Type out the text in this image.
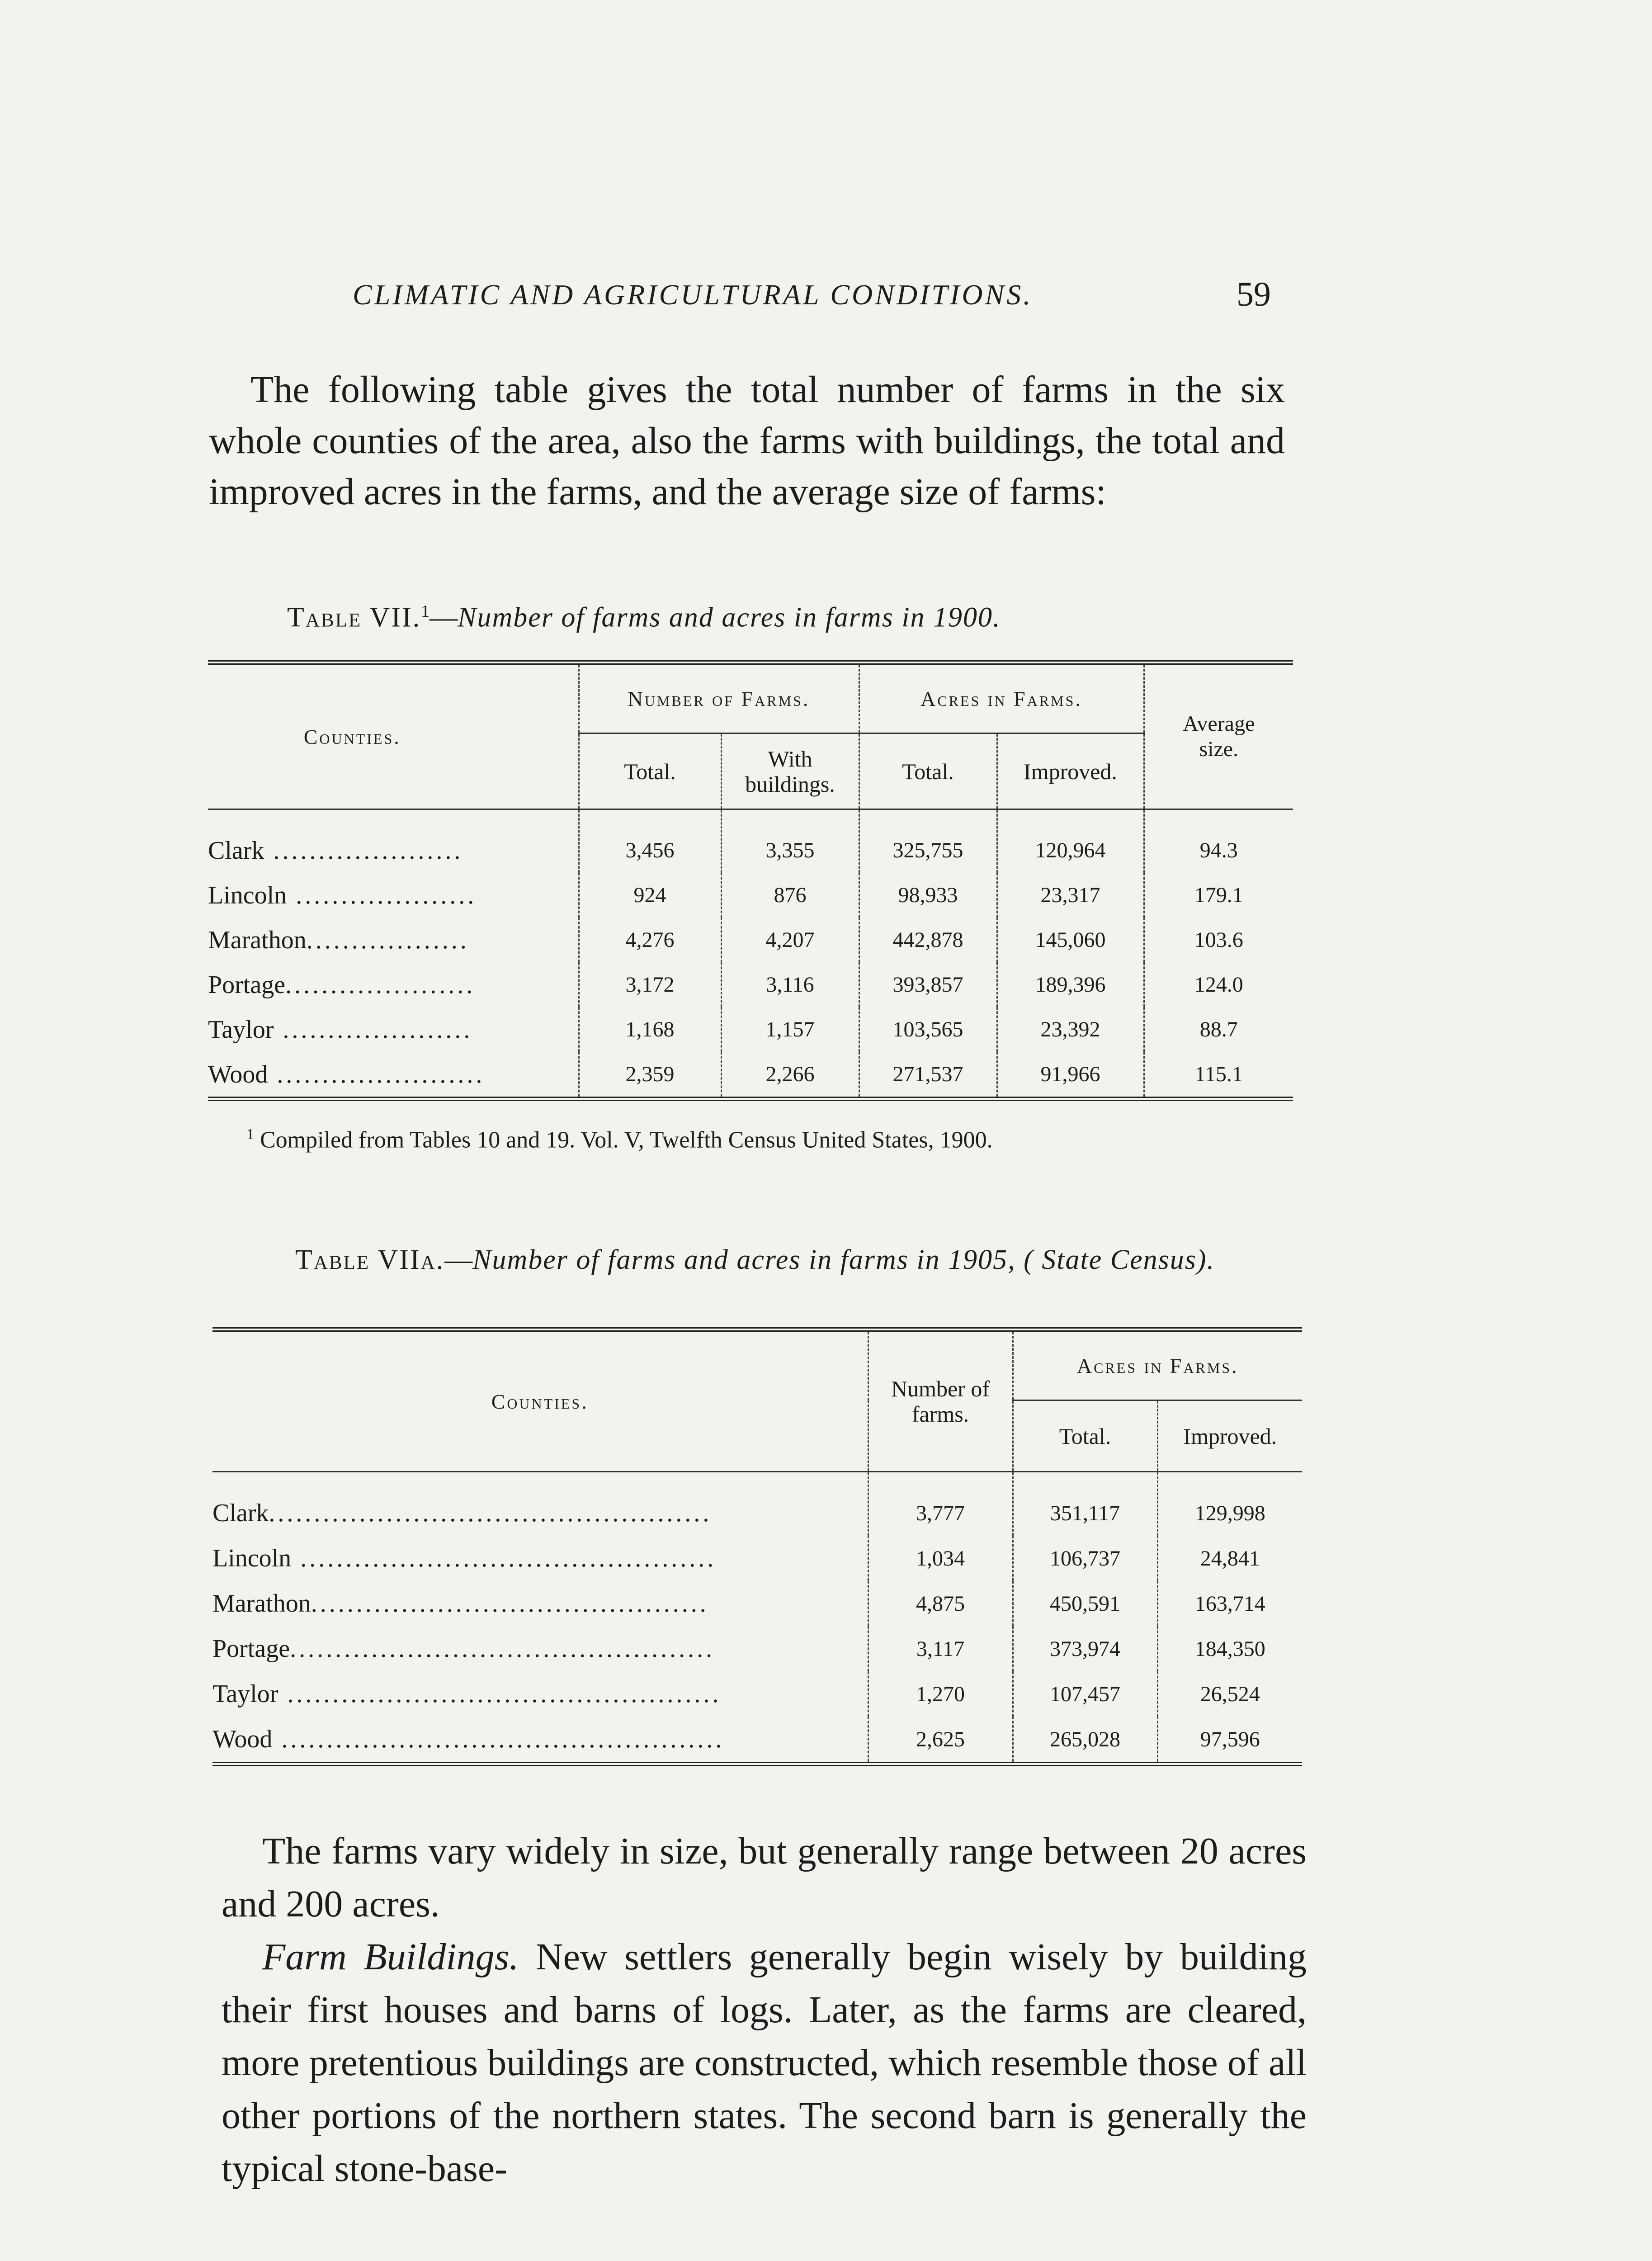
CLIMATIC AND AGRICULTURAL CONDITIONS.	59

The following table gives the total number of farms in the six whole counties of the area, also the farms with buildings, the total and improved acres in the farms, and the average size of farms:

Table VII.$^1$—Number of farms and acres in farms in 1900.

Counties.	Number of Farms.		Acres in Farms.		Average size.
	Total.	With buildings.	Total.	Improved.	
Clark .....................	3,456	3,355	325,755	120,964	94.3
Lincoln ....................	924	876	98,933	23,317	179.1
Marathon..................	4,276	4,207	442,878	145,060	103.6
Portage.....................	3,172	3,116	393,857	189,396	124.0
Taylor .....................	1,168	1,157	103,565	23,392	88.7
Wood .......................	2,359	2,266	271,537	91,966	115.1

$^1$ Compiled from Tables 10 and 19. Vol. V, Twelfth Census United States, 1900.

Table VIIa.—Number of farms and acres in farms in 1905, ( State Census).

Counties.	Number of farms.	Acres in Farms.	
		Total.	Improved.
Clark.................................................	3,777	351,117	129,998
Lincoln ..............................................	1,034	106,737	24,841
Marathon............................................	4,875	450,591	163,714
Portage...............................................	3,117	373,974	184,350
Taylor ................................................	1,270	107,457	26,524
Wood .................................................	2,625	265,028	97,596

The farms vary widely in size, but generally range between 20 acres and 200 acres.

Farm Buildings. New settlers generally begin wisely by building their first houses and barns of logs. Later, as the farms are cleared, more pretentious buildings are constructed, which resemble those of all other portions of the northern states. The second barn is generally the typical stone-base-
